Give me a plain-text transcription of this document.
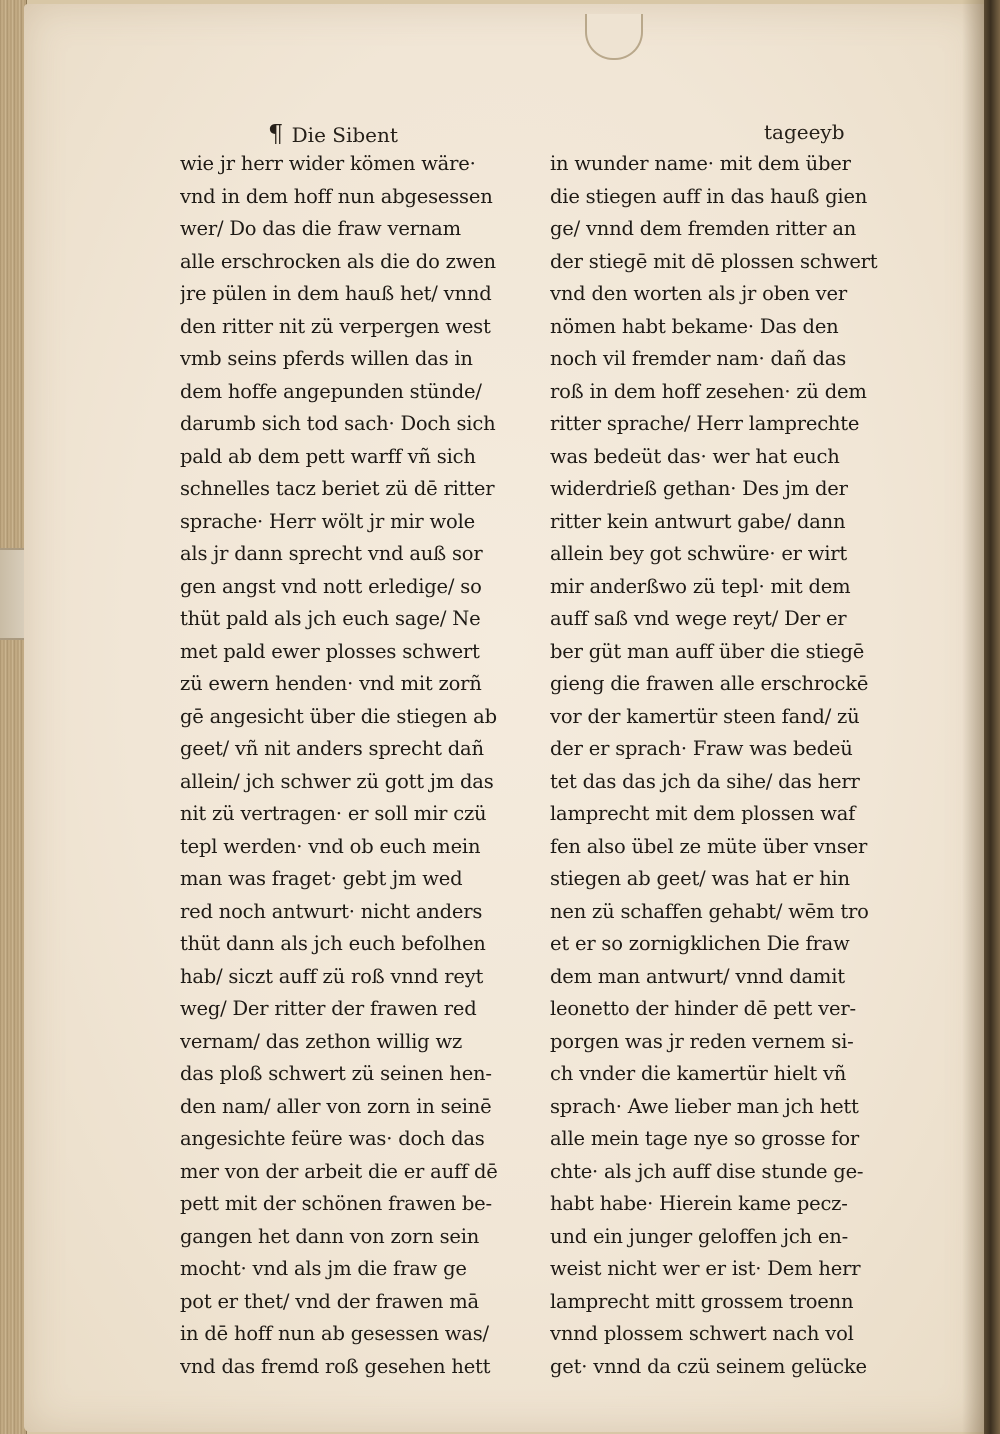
¶ Die Sibent	tageeyb
wie jr herr wider kömen wäre·
vnd in dem hoff nun abgesessen
wer/ Do das die fraw vernam
alle erschrocken als die do zwen
jre pülen in dem hauß het/ vnnd
den ritter nit zü verpergen west
vmb seins pferds willen das in
dem hoffe angepunden stünde/
darumb sich tod sach· Doch sich
pald ab dem pett warff vñ sich
schnelles tacz beriet zü dē ritter
sprache· Herr wölt jr mir wole
als jr dann sprecht vnd auß sor
gen angst vnd nott erledige/ so
thüt pald als jch euch sage/ Ne
met pald ewer plosses schwert
zü ewern henden· vnd mit zorñ
gē angesicht über die stiegen ab
geet/ vñ nit anders sprecht dañ
allein/ jch schwer zü gott jm das
nit zü vertragen· er soll mir czü
tepl werden· vnd ob euch mein
man was fraget· gebt jm wed
red noch antwurt· nicht anders
thüt dann als jch euch befolhen
hab/ siczt auff zü roß vnnd reyt
weg/ Der ritter der frawen red
vernam/ das zethon willig wz
das ploß schwert zü seinen hen-
den nam/ aller von zorn in seinē
angesichte feüre was· doch das
mer von der arbeit die er auff dē
pett mit der schönen frawen be-
gangen het dann von zorn sein
mocht· vnd als jm die fraw ge
pot er thet/ vnd der frawen mā
in dē hoff nun ab gesessen was/
vnd das fremd roß gesehen hett
in wunder name· mit dem über
die stiegen auff in das hauß gien
ge/ vnnd dem fremden ritter an
der stiegē mit dē plossen schwert
vnd den worten als jr oben ver
nömen habt bekame· Das den
noch vil fremder nam· dañ das
roß in dem hoff zesehen· zü dem
ritter sprache/ Herr lamprechte
was bedeüt das· wer hat euch
widerdrieß gethan· Des jm der
ritter kein antwurt gabe/ dann
allein bey got schwüre· er wirt
mir anderßwo zü tepl· mit dem
auff saß vnd wege reyt/ Der er
ber güt man auff über die stiegē
gieng die frawen alle erschrockē
vor der kamertür steen fand/ zü
der er sprach· Fraw was bedeü
tet das das jch da sihe/ das herr
lamprecht mit dem plossen waf
fen also übel ze müte über vnser
stiegen ab geet/ was hat er hin
nen zü schaffen gehabt/ wēm tro
et er so zornigklichen Die fraw
dem man antwurt/ vnnd damit
leonetto der hinder dē pett ver-
porgen was jr reden vernem si-
ch vnder die kamertür hielt vñ
sprach· Awe lieber man jch hett
alle mein tage nye so grosse for
chte· als jch auff dise stunde ge-
habt habe· Hierein kame pecz-
und ein junger geloffen jch en-
weist nicht wer er ist· Dem herr
lamprecht mitt grossem troenn
vnnd plossem schwert nach vol
get· vnnd da czü seinem gelücke
